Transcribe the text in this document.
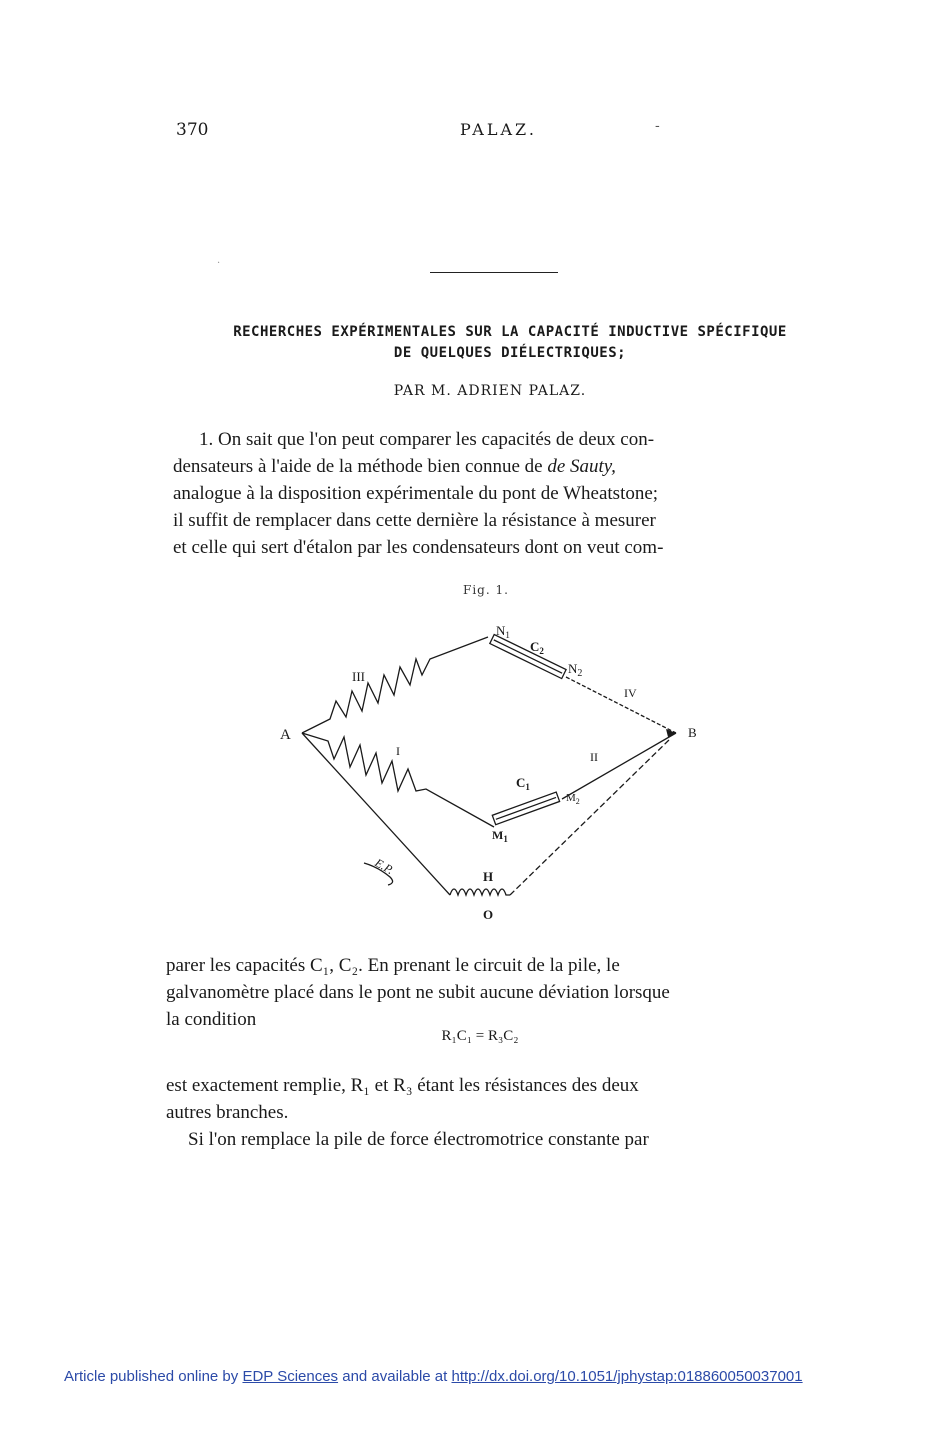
370	PALAZ.	-
·
RECHERCHES EXPÉRIMENTALES SUR LA CAPACITÉ INDUCTIVE SPÉCIFIQUE
DE QUELQUES DIÉLECTRIQUES;
PAR M. ADRIEN PALAZ.
1. On sait que l'on peut comparer les capacités de deux con-
densateurs à l'aide de la méthode bien connue de de Sauty,
analogue à la disposition expérimentale du pont de Wheatstone;
il suffit de remplacer dans cette dernière la résistance à mesurer
et celle qui sert d'étalon par les condensateurs dont on veut com-
Fig. 1.
A	B
O
H
III
I	II
IV
$N_1$
$C_2$
$N_2$
$C_1$
$M_2$
$M_1$
E.P.
parer les capacités C₁, C₂. En prenant le circuit de la pile, le
galvanomètre placé dans le pont ne subit aucune déviation lorsque
la condition
R₁C₁ = R₃C₂
est exactement remplie, R₁ et R₃ étant les résistances des deux
autres branches.
Si l'on remplace la pile de force électromotrice constante par
Article published online by EDP Sciences and available at http://dx.doi.org/10.1051/jphystap:018860050037001
